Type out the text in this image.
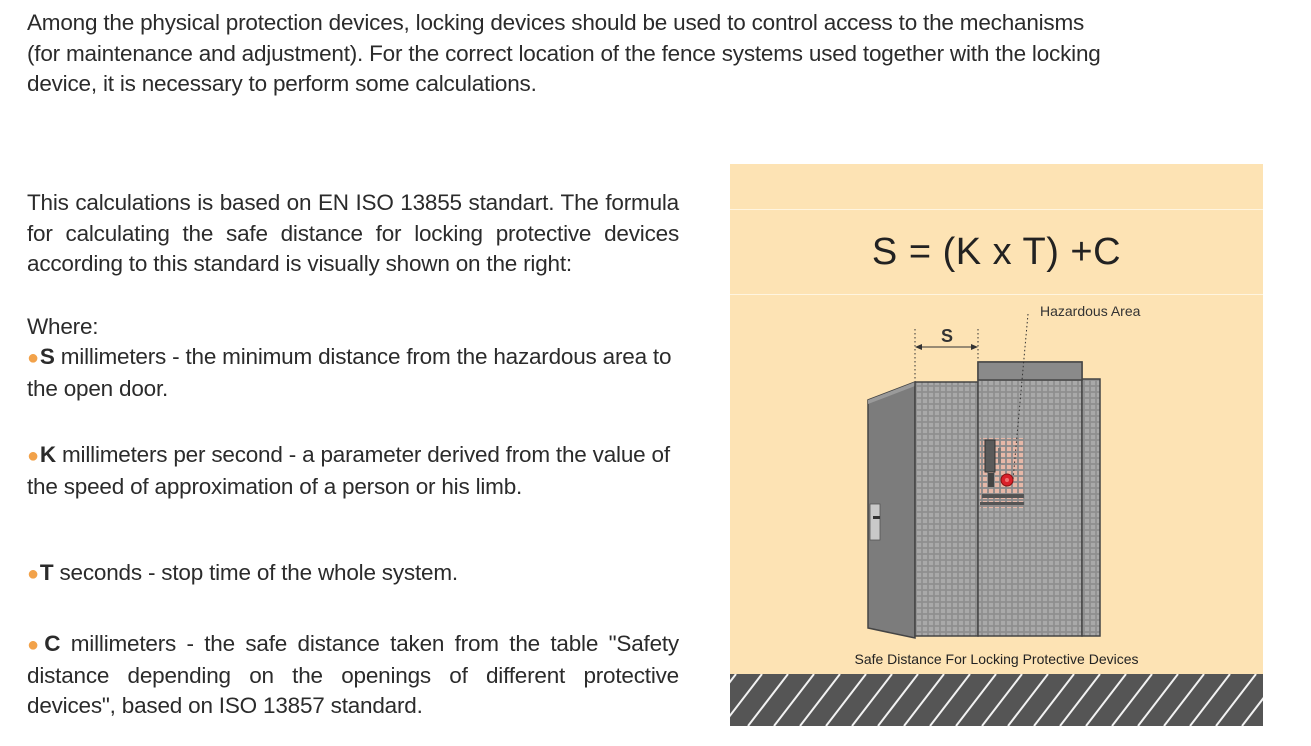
Among the physical protection devices, locking devices should be used to control access to the mechanisms (for maintenance and adjustment). For the correct location of the fence systems used together with the locking device, it is necessary to perform some calculations.
This calculations is based on EN ISO 13855 standart. The formula for calculating the safe distance for locking protective devices according to this standard is visually shown on the right:
Where:
●S millimeters - the minimum distance from the hazardous area to the open door.
●K millimeters per second - a parameter derived from the value of the speed of approximation of a person or his limb.
●T seconds - stop time of the whole system.
●C millimeters - the safe distance taken from the table "Safety distance depending on the openings of different protective devices", based on ISO 13857 standard.
S
S = (K x T) +C
Hazardous Area
Safe Distance For Locking Protective Devices
